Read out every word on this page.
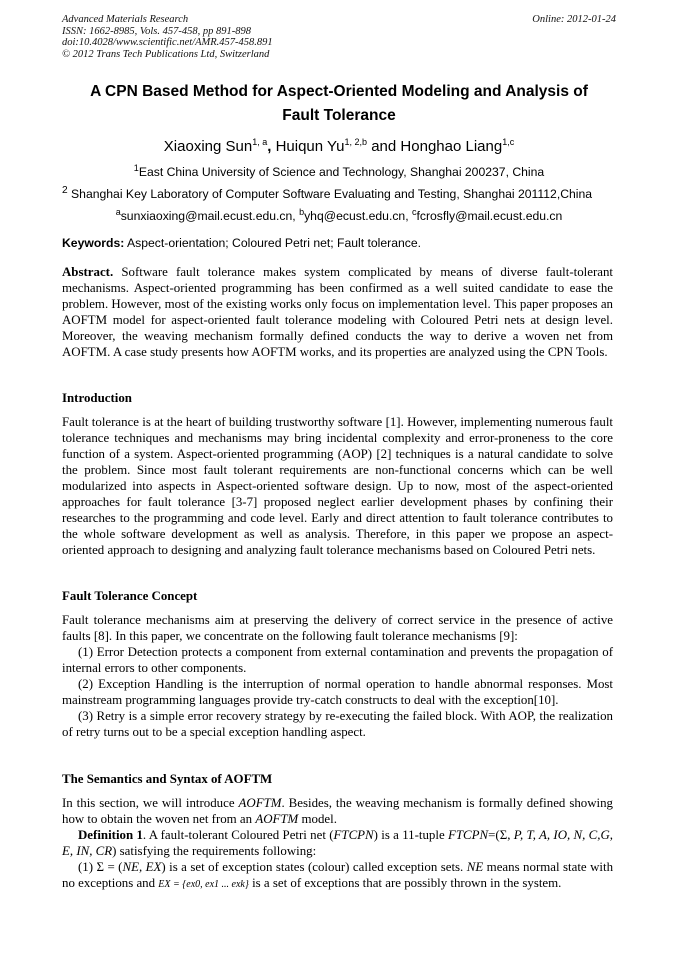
Advanced Materials Research
ISSN: 1662-8985, Vols. 457-458, pp 891-898
doi:10.4028/www.scientific.net/AMR.457-458.891
© 2012 Trans Tech Publications Ltd, Switzerland
Online: 2012-01-24
A CPN Based Method for Aspect-Oriented Modeling and Analysis of
Fault Tolerance
Xiaoxing Sun$^{1, a}$, Huiqun Yu$^{1, 2,b}$ and Honghao Liang$^{1,c}$
$^1$East China University of Science and Technology, Shanghai 200237, China
$^2$ Shanghai Key Laboratory of Computer Software Evaluating and Testing, Shanghai 201112,China
$^a$sunxiaoxing@mail.ecust.edu.cn, $^b$yhq@ecust.edu.cn, $^c$fcrosfly@mail.ecust.edu.cn
Keywords: Aspect-orientation; Coloured Petri net; Fault tolerance.

Abstract. Software fault tolerance makes system complicated by means of diverse fault-tolerant mechanisms. Aspect-oriented programming has been confirmed as a well suited candidate to ease the problem. However, most of the existing works only focus on implementation level. This paper proposes an AOFTM model for aspect-oriented fault tolerance modeling with Coloured Petri nets at design level. Moreover, the weaving mechanism formally defined conducts the way to derive a woven net from AOFTM. A case study presents how AOFTM works, and its properties are analyzed using the CPN Tools.

Introduction

Fault tolerance is at the heart of building trustworthy software [1]. However, implementing numerous fault tolerance techniques and mechanisms may bring incidental complexity and error-proneness to the core function of a system. Aspect-oriented programming (AOP) [2] techniques is a natural candidate to solve the problem. Since most fault tolerant requirements are non-functional concerns which can be well modularized into aspects in Aspect-oriented software design. Up to now, most of the aspect-oriented approaches for fault tolerance [3-7] proposed neglect earlier development phases by confining their researches to the programming and code level. Early and direct attention to fault tolerance contributes to the whole software development as well as analysis. Therefore, in this paper we propose an aspect-oriented approach to designing and analyzing fault tolerance mechanisms based on Coloured Petri nets.

Fault Tolerance Concept

Fault tolerance mechanisms aim at preserving the delivery of correct service in the presence of active faults [8]. In this paper, we concentrate on the following fault tolerance mechanisms [9]:

(1) Error Detection protects a component from external contamination and prevents the propagation of internal errors to other components.

(2) Exception Handling is the interruption of normal operation to handle abnormal responses. Most mainstream programming languages provide try-catch constructs to deal with the exception[10].

(3) Retry is a simple error recovery strategy by re-executing the failed block. With AOP, the realization of retry turns out to be a special exception handling aspect.

The Semantics and Syntax of AOFTM

In this section, we will introduce AOFTM. Besides, the weaving mechanism is formally defined showing how to obtain the woven net from an AOFTM model.

Definition 1. A fault-tolerant Coloured Petri net (FTCPN) is a 11-tuple FTCPN=(Σ, P, T, A, IO, N, C,G, E, IN, CR) satisfying the requirements following:

(1) Σ = (NE, EX) is a set of exception states (colour) called exception sets. NE means normal state with no exceptions and EX = {ex0, ex1 ... exk} is a set of exceptions that are possibly thrown in the system.
